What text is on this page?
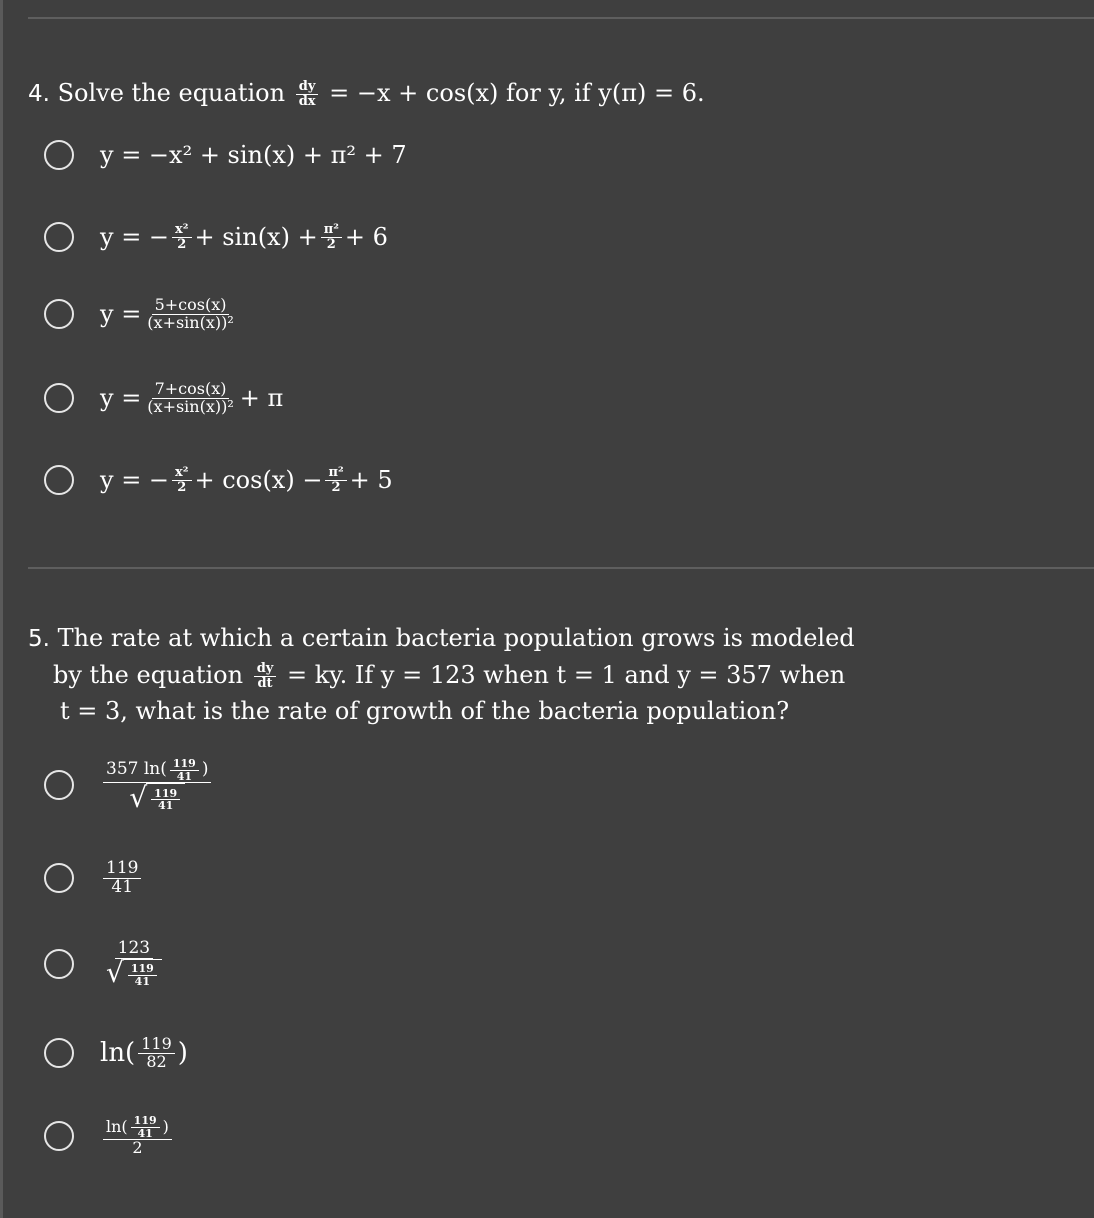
4. Solve the equation $\frac{dy}{dx} = -x + \cos(x)$ for y, if y(π) = 6.
y = −x² + sin(x) + π² + 7
y = − $\frac{\text{x²}}{2} + \sin(x) + \frac{\text{π²}}{2} + 6$
$y = \frac{5+\cos(x)}{\text{(x+sin(x))²}}$
$y = \frac{7+\cos(x)}{\text{(x+sin(x))²}} + \pi$
y = − $\frac{\text{x²}}{2} + \cos(x) - \frac{\text{π²}}{2} + 5$
5. The rate at which a certain bacteria population grows is modeled
by the equation $\frac{dy}{dt}$ = ky. If y = 123 when t = 1 and y = 357 when
t = 3, what is the rate of growth of the bacteria population?
$\frac{357 \ln( \frac{119}{41} )}{√ \frac{119}{41}}$
$\frac{119}{41}$
$\frac{123}{√ \frac{119}{41}}$
$\ln( \frac{119}{82}$ )
$\frac{\ln( \frac{119}{41} )}{2}$
